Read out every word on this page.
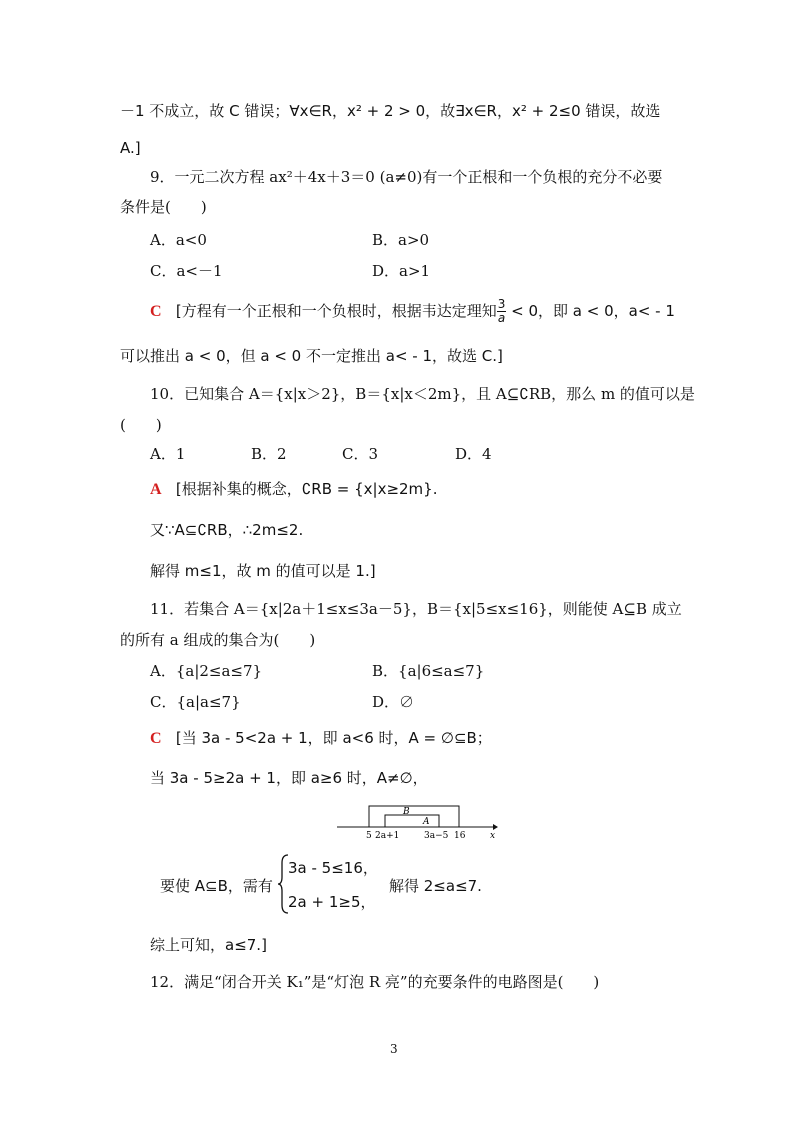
－1 不成立，故 C 错误；∀x∈R，x² + 2 > 0，故∃x∈R，x² + 2≤0 错误，故选
A.]
9．一元二次方程 ax²＋4x＋3＝0 (a≠0)有一个正根和一个负根的充分不必要
条件是(　　)
A．a<0	B．a>0
C．a<－1	D．a>1
C [方程有一个正根和一个负根时，根据韦达定理知 $\frac{3}{a} < 0$，即 a < 0，a< - 1
可以推出 a < 0，但 a < 0 不一定推出 a< - 1，故选 C.]
10．已知集合 A＝{x|x＞2}，B＝{x|x＜2m}，且 A⊆∁RB，那么 m 的值可以是
(　　)
A．1	B．2	C．3	D．4
A [根据补集的概念，∁RB = {x|x≥2m}.
又∵A⊆∁RB，∴2m≤2.
解得 m≤1，故 m 的值可以是 1.]
11．若集合 A＝{x|2a＋1≤x≤3a－5}，B＝{x|5≤x≤16}，则能使 A⊆B 成立
的所有 a 组成的集合为(　　)
A．{a|2≤a≤7}	B．{a|6≤a≤7}
C．{a|a≤7}	D．∅
C [当 3a - 5<2a + 1，即 a<6 时，A = ∅⊆B；
当 3a - 5≥2a + 1，即 a≥6 时，A≠∅，
B
A
5 2a+1	3a−5 16	x
要使 A⊆B，需有
3a - 5≤16，
2a + 1≥5，
解得 2≤a≤7.
综上可知，a≤7.]
12．满足“闭合开关 K₁”是“灯泡 R 亮”的充要条件的电路图是(　　)
3
